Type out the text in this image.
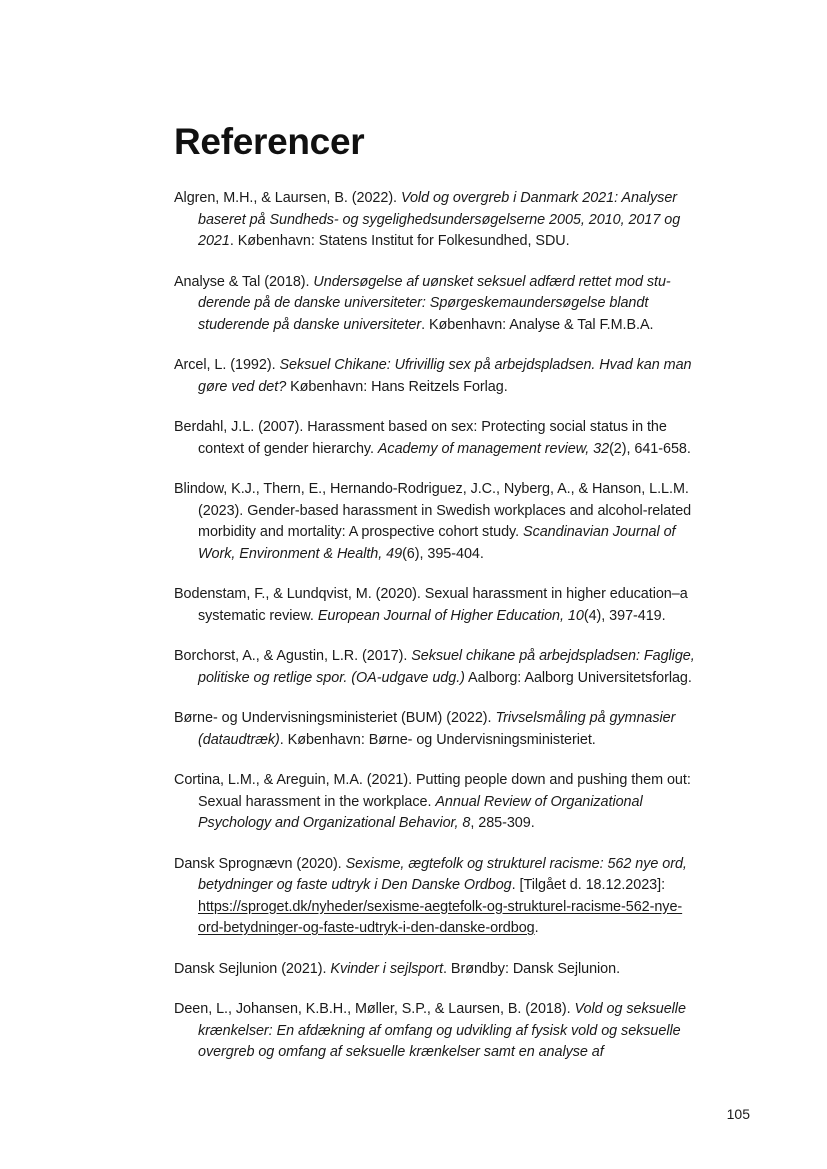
Referencer
Algren, M.H., & Laursen, B. (2022). Vold og overgreb i Danmark 2021: Analyser baseret på Sundheds- og sygelighedsundersøgelserne 2005, 2010, 2017 og 2021. København: Statens Institut for Folkesundhed, SDU.
Analyse & Tal (2018). Undersøgelse af uønsket seksuel adfærd rettet mod studerende på de danske universiteter: Spørgeskemaundersøgelse blandt studerende på danske universiteter. København: Analyse & Tal F.M.B.A.
Arcel, L. (1992). Seksuel Chikane: Ufrivillig sex på arbejdspladsen. Hvad kan man gøre ved det? København: Hans Reitzels Forlag.
Berdahl, J.L. (2007). Harassment based on sex: Protecting social status in the context of gender hierarchy. Academy of management review, 32(2), 641-658.
Blindow, K.J., Thern, E., Hernando-Rodriguez, J.C., Nyberg, A., & Hanson, L.L.M. (2023). Gender-based harassment in Swedish workplaces and alcohol-related morbidity and mortality: A prospective cohort study. Scandinavian Journal of Work, Environment & Health, 49(6), 395-404.
Bodenstam, F., & Lundqvist, M. (2020). Sexual harassment in higher education–a systematic review. European Journal of Higher Education, 10(4), 397-419.
Borchorst, A., & Agustin, L.R. (2017). Seksuel chikane på arbejdspladsen: Faglige, politiske og retlige spor. (OA-udgave udg.) Aalborg: Aalborg Universitetsforlag.
Børne- og Undervisningsministeriet (BUM) (2022). Trivselsmåling på gymnasier (dataudtræk). København: Børne- og Undervisningsministeriet.
Cortina, L.M., & Areguin, M.A. (2021). Putting people down and pushing them out: Sexual harassment in the workplace. Annual Review of Organizational Psychology and Organizational Behavior, 8, 285-309.
Dansk Sprognævn (2020). Sexisme, ægtefolk og strukturel racisme: 562 nye ord, betydninger og faste udtryk i Den Danske Ordbog. [Tilgået d. 18.12.2023]: https://sproget.dk/nyheder/sexisme-aegtefolk-og-strukturel-racisme-562-nye-ord-betydninger-og-faste-udtryk-i-den-danske-ordbog.
Dansk Sejlunion (2021). Kvinder i sejlsport. Brøndby: Dansk Sejlunion.
Deen, L., Johansen, K.B.H., Møller, S.P., & Laursen, B. (2018). Vold og seksuelle krænkelser: En afdækning af omfang og udvikling af fysisk vold og seksuelle overgreb og omfang af seksuelle krænkelser samt en analyse af
105
